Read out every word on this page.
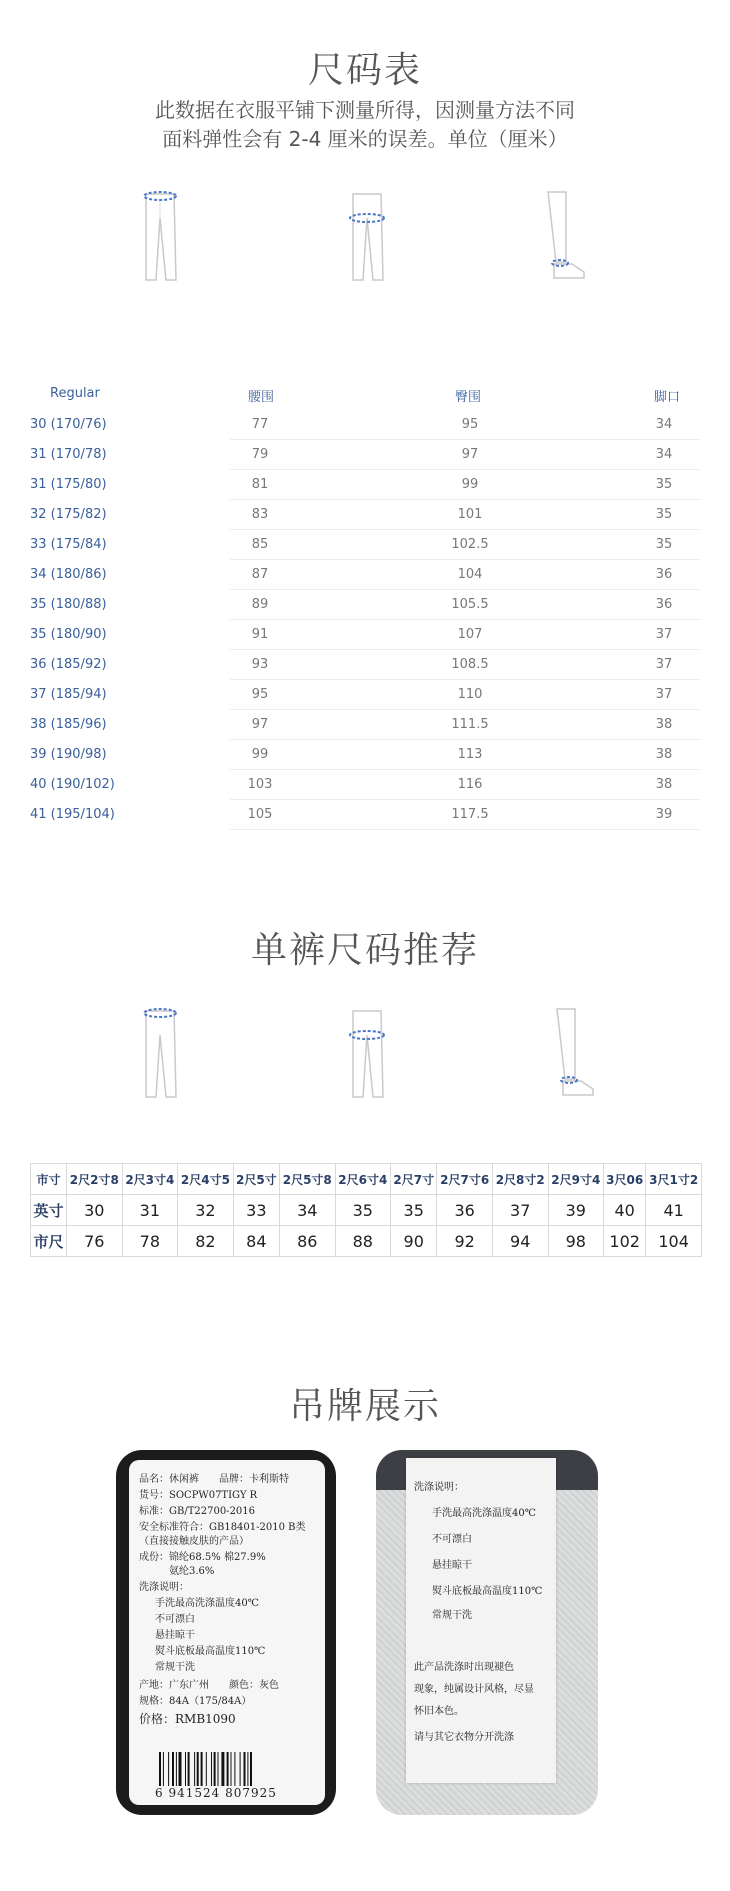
尺码表

此数据在衣服平铺下测量所得，因测量方法不同

面料弹性会有 2-4 厘米的误差。单位（厘米）

Regular	腰围	臀围	脚口
30 (170/76)	77	95	34
31 (170/78)	79	97	34
31 (175/80)	81	99	35
32 (175/82)	83	101	35
33 (175/84)	85	102.5	35
34 (180/86)	87	104	36
35 (180/88)	89	105.5	36
35 (180/90)	91	107	37
36 (185/92)	93	108.5	37
37 (185/94)	95	110	37
38 (185/96)	97	111.5	38
39 (190/98)	99	113	38
40 (190/102)	103	116	38
41 (195/104)	105	117.5	39
单裤尺码推荐
市寸	2尺2寸8	2尺3寸4	2尺4寸5	2尺5寸	2尺5寸8	2尺6寸4	2尺7寸	2尺7寸6	2尺8寸2	2尺9寸4	3尺06	3尺1寸2
英寸	30	31	32	33	34	35	35	36	37	39	40	41
市尺	76	78	82	84	86	88	90	92	94	98	102	104
吊牌展示
品名：休闲裤　　品牌：卡利斯特
货号：SOCPW07TIGY R
标准：GB/T22700-2016
安全标准符合：GB18401-2010 B类
（直接接触皮肤的产品）
成份：锦纶68.5% 棉27.9%
　　　氨纶3.6%
洗涤说明：
手洗最高洗涤温度40℃
不可漂白
悬挂晾干
熨斗底板最高温度110℃
常规干洗
产地：广东广州　　颜色：灰色
规格：84A（175/84A）
价格：RMB1090
6 941524 807925
洗涤说明：
手洗最高洗涤温度40℃
不可漂白
悬挂晾干
熨斗底板最高温度110℃
常规干洗
此产品洗涤时出现褪色
现象，纯属设计风格，尽显
怀旧本色。
请与其它衣物分开洗涤
